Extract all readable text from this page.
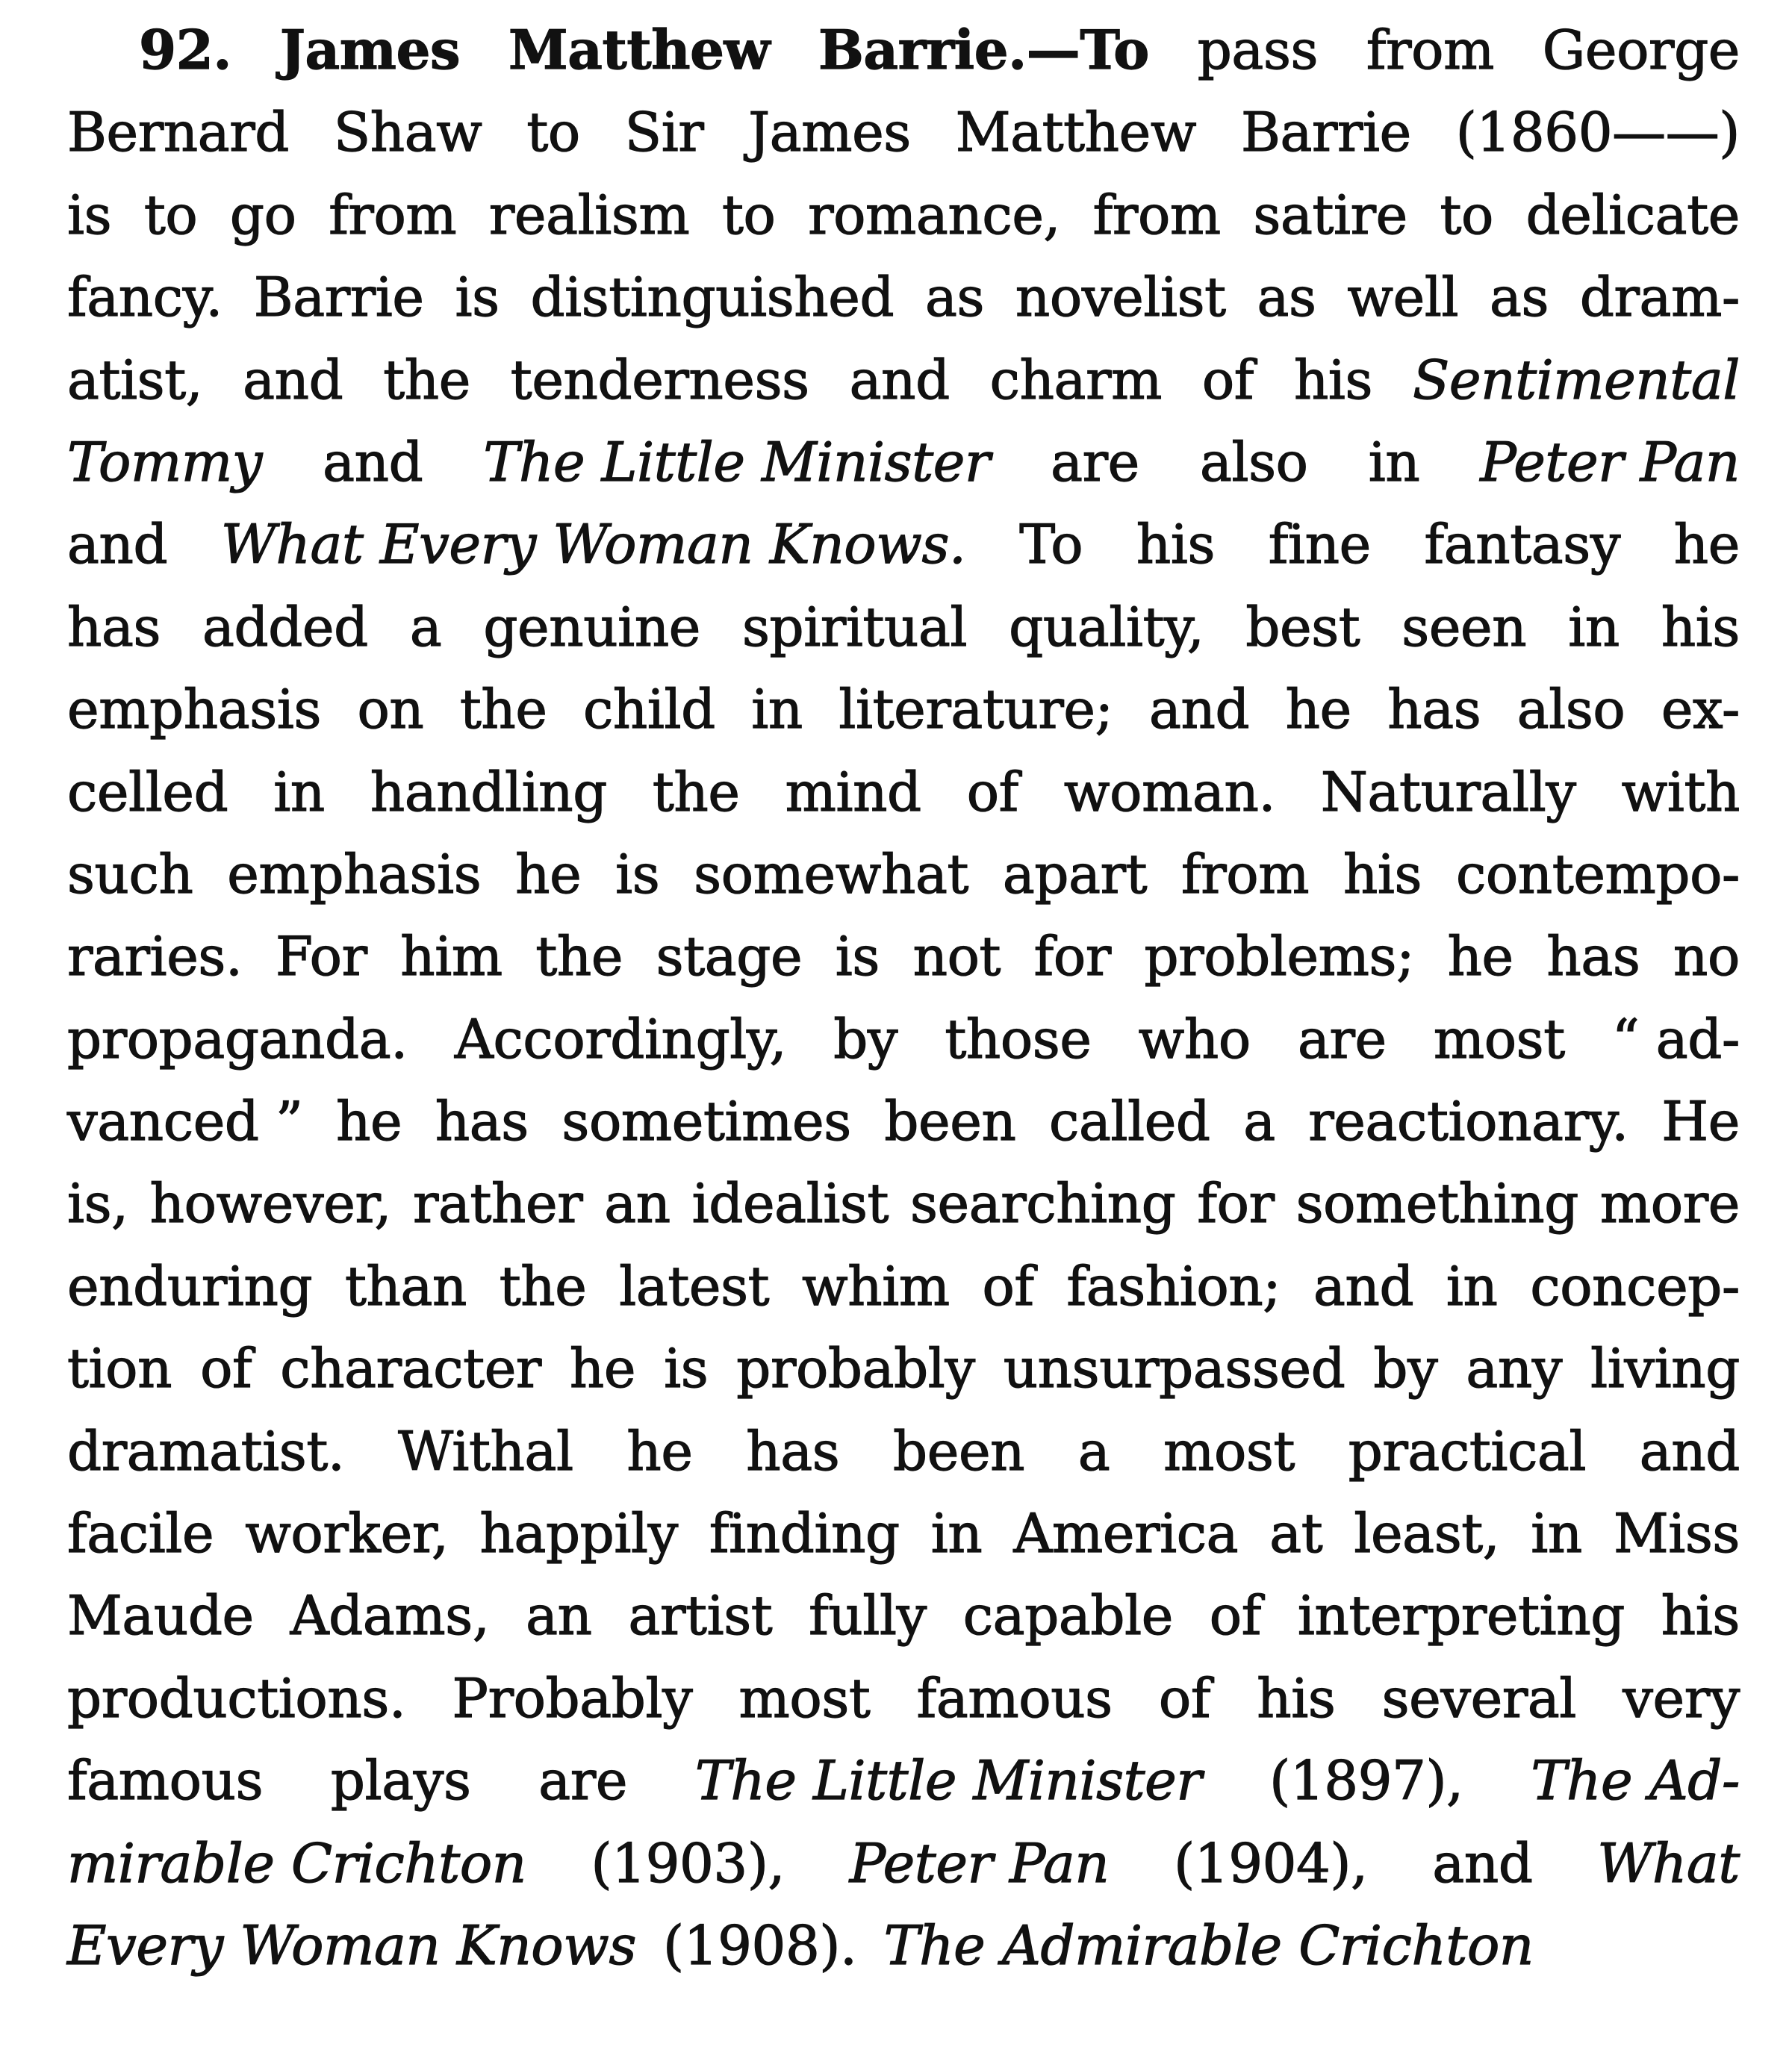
92. James Matthew Barrie.—To pass from George
Bernard Shaw to Sir James Matthew Barrie (1860——)
is to go from realism to romance, from satire to delicate
fancy. Barrie is distinguished as novelist as well as dram-
atist, and the tenderness and charm of his Sentimental
Tommy and The Little Minister are also in Peter Pan
and What Every Woman Knows. To his fine fantasy he
has added a genuine spiritual quality, best seen in his
emphasis on the child in literature; and he has also ex-
celled in handling the mind of woman. Naturally with
such emphasis he is somewhat apart from his contempo-
raries. For him the stage is not for problems; he has no
propaganda. Accordingly, by those who are most “ ad-
vanced ” he has sometimes been called a reactionary. He
is, however, rather an idealist searching for something more
enduring than the latest whim of fashion; and in concep-
tion of character he is probably unsurpassed by any living
dramatist. Withal he has been a most practical and
facile worker, happily finding in America at least, in Miss
Maude Adams, an artist fully capable of interpreting his
productions. Probably most famous of his several very
famous plays are The Little Minister (1897), The Ad-
mirable Crichton (1903), Peter Pan (1904), and What
Every Woman Knows (1908). The Admirable Crichton
